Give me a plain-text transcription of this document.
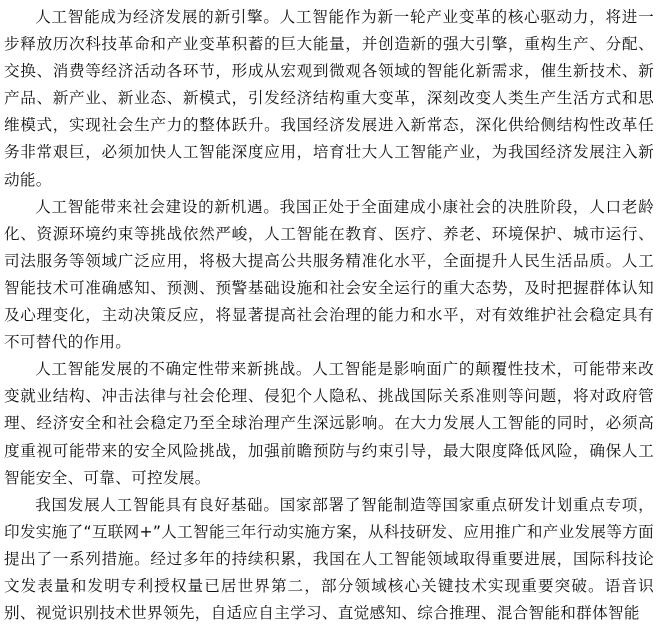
人工智能成为经济发展的新引擎。人工智能作为新一轮产业变革的核心驱动力，将进一步释放历次科技革命和产业变革积蓄的巨大能量，并创造新的强大引擎，重构生产、分配、交换、消费等经济活动各环节，形成从宏观到微观各领域的智能化新需求，催生新技术、新产品、新产业、新业态、新模式，引发经济结构重大变革，深刻改变人类生产生活方式和思维模式，实现社会生产力的整体跃升。我国经济发展进入新常态，深化供给侧结构性改革任务非常艰巨，必须加快人工智能深度应用，培育壮大人工智能产业，为我国经济发展注入新动能。

人工智能带来社会建设的新机遇。我国正处于全面建成小康社会的决胜阶段，人口老龄化、资源环境约束等挑战依然严峻，人工智能在教育、医疗、养老、环境保护、城市运行、司法服务等领域广泛应用，将极大提高公共服务精准化水平，全面提升人民生活品质。人工智能技术可准确感知、预测、预警基础设施和社会安全运行的重大态势，及时把握群体认知及心理变化，主动决策反应，将显著提高社会治理的能力和水平，对有效维护社会稳定具有不可替代的作用。

人工智能发展的不确定性带来新挑战。人工智能是影响面广的颠覆性技术，可能带来改变就业结构、冲击法律与社会伦理、侵犯个人隐私、挑战国际关系准则等问题，将对政府管理、经济安全和社会稳定乃至全球治理产生深远影响。在大力发展人工智能的同时，必须高度重视可能带来的安全风险挑战，加强前瞻预防与约束引导，最大限度降低风险，确保人工智能安全、可靠、可控发展。

我国发展人工智能具有良好基础。国家部署了智能制造等国家重点研发计划重点专项，印发实施了“互联网+”人工智能三年行动实施方案，从科技研发、应用推广和产业发展等方面提出了一系列措施。经过多年的持续积累，我国在人工智能领域取得重要进展，国际科技论文发表量和发明专利授权量已居世界第二，部分领域核心关键技术实现重要突破。语音识别、视觉识别技术世界领先，自适应自主学习、直觉感知、综合推理、混合智能和群体智能
